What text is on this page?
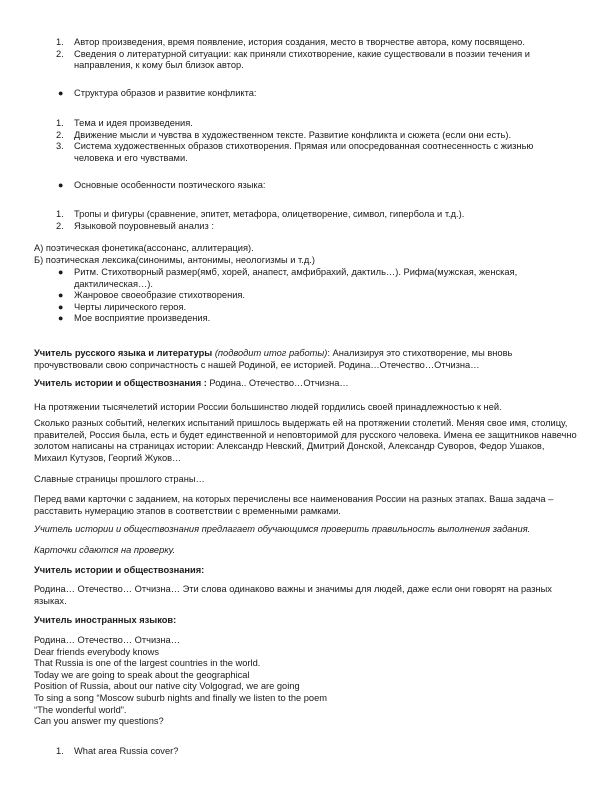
1. Автор произведения, время появление, история создания, место в творчестве автора, кому посвящено.
2. Сведения о литературной ситуации: как приняли стихотворение, какие существовали в поэзии течения и направления, к кому был близок автор.
● Структура образов и развитие конфликта:
1. Тема и идея произведения.
2. Движение мысли и чувства в художественном тексте. Развитие конфликта и сюжета (если они есть).
3. Система художественных образов стихотворения. Прямая или опосредованная соотнесенность с жизнью человека и его чувствами.
● Основные особенности поэтического языка:
1. Тропы и фигуры (сравнение, эпитет, метафора, олицетворение, символ, гипербола и т.д.).
2. Языковой поуровневый анализ :
А) поэтическая фонетика(ассонанс, аллитерация).
Б) поэтическая лексика(синонимы, антонимы, неологизмы и т.д.)
● Ритм. Стихотворный размер(ямб, хорей, анапест, амфибрахий, дактиль…). Рифма(мужская, женская, дактилическая…).
● Жанровое своеобразие стихотворения.
● Черты лирического героя.
● Мое восприятие произведения.

Учитель русского языка и литературы (подводит итог работы): Анализируя это стихотворение, мы вновь прочувствовали свою сопричастность с нашей Родиной, ее историей. Родина…Отечество…Отчизна…

Учитель истории и обществознания : Родина.. Отечество…Отчизна…

На протяжении тысячелетий истории России большинство людей гордились своей принадлежностью к ней.

Сколько разных событий, нелегких испытаний пришлось выдержать ей на протяжении столетий. Меняя свое имя, столицу, правителей, Россия была, есть и будет единственной и неповторимой для русского человека. Имена ее защитников навечно золотом написаны на страницах истории: Александр Невский, Дмитрий Донской, Александр Суворов, Федор Ушаков, Михаил Кутузов, Георгий Жуков…

Славные страницы прошлого страны…

Перед вами карточки с заданием, на которых перечислены все наименования России на разных этапах. Ваша задача – расставить нумерацию этапов в соответствии с временными рамками.

Учитель истории и обществознания предлагает обучающимся проверить правильность выполнения задания.

Карточки сдаются на проверку.

Учитель истории и обществознания:

Родина… Отечество… Отчизна… Эти слова одинаково важны и значимы для людей, даже если они говорят на разных языках.

Учитель иностранных языков:

Родина… Отечество… Отчизна…
Dear friends everybody knows
That Russia is one of the largest countries in the world.
Today we are going to speak about the geographical
Position of Russia, about our native city Volgograd, we are going
To sing a song “Moscow suburb nights and finally we listen to the poem
“The wonderful world”.
Can you answer my questions?
1. What area Russia cover?
